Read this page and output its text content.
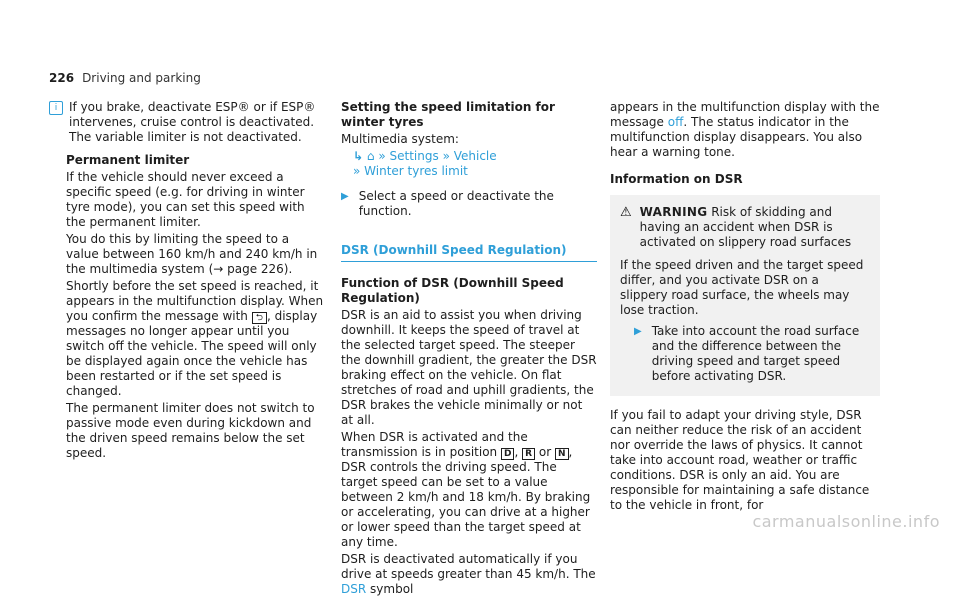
226 Driving and parking
i If you brake, deactivate ESP® or if ESP® intervenes, cruise control is deactivated. The variable limiter is not deactivated.

Permanent limiter

If the vehicle should never exceed a specific speed (e.g. for driving in winter tyre mode), you can set this speed with the permanent limiter.

You do this by limiting the speed to a value between 160 km/h and 240 km/h in the multimedia system (→ page 226).

Shortly before the set speed is reached, it appears in the multifunction display. When you confirm the message with ⮌ , display messages no longer appear until you switch off the vehicle. The speed will only be displayed again once the vehicle has been restarted or if the set speed is changed.

The permanent limiter does not switch to passive mode even during kickdown and the driven speed remains below the set speed.

Setting the speed limitation for winter tyres

Multimedia system:

↳ ⌂ » Settings » Vehicle
» Winter tyres limit
▶ Select a speed or deactivate the function.
DSR (Downhill Speed Regulation)

Function of DSR (Downhill Speed Regulation)

DSR is an aid to assist you when driving downhill. It keeps the speed of travel at the selected target speed. The steeper the downhill gradient, the greater the DSR braking effect on the vehicle. On flat stretches of road and uphill gradients, the DSR brakes the vehicle minimally or not at all.

When DSR is activated and the transmission is in position D , R or N , DSR controls the driving speed. The target speed can be set to a value between 2 km/h and 18 km/h. By braking or accelerating, you can drive at a higher or lower speed than the target speed at any time.

DSR is deactivated automatically if you drive at speeds greater than 45 km/h. The DSR symbol

appears in the multifunction display with the message off. The status indicator in the multifunction display disappears. You also hear a warning tone.

Information on DSR

⚠ WARNING Risk of skidding and having an accident when DSR is activated on slippery road surfaces

If the speed driven and the target speed differ, and you activate DSR on a slippery road surface, the wheels may lose traction.

▶ Take into account the road surface and the difference between the driving speed and target speed before activating DSR.

If you fail to adapt your driving style, DSR can neither reduce the risk of an accident nor override the laws of physics. It cannot take into account road, weather or traffic conditions. DSR is only an aid. You are responsible for maintaining a safe distance to the vehicle in front, for

carmanualsonline.info
